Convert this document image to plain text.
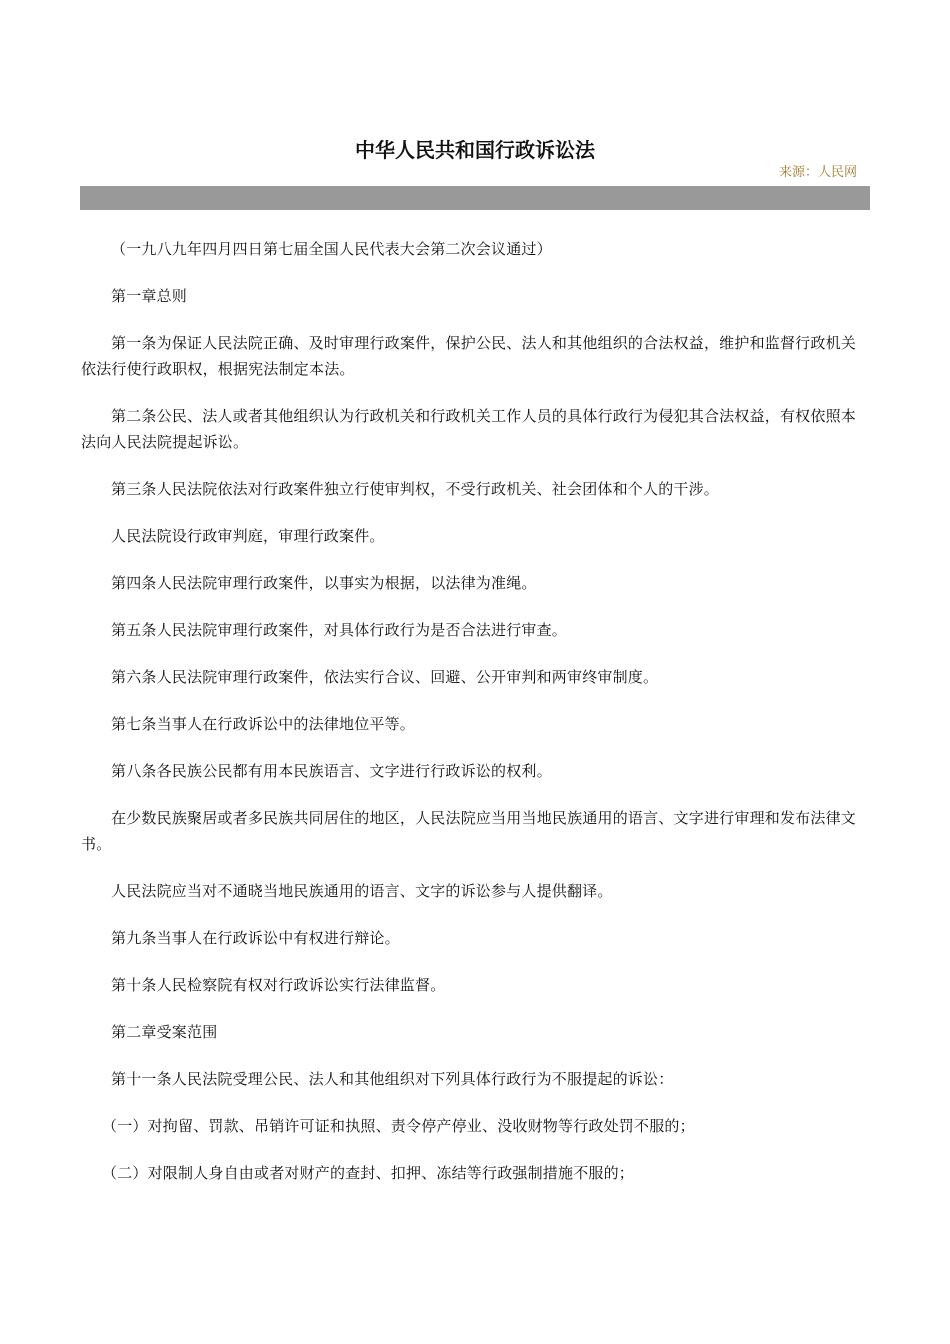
中华人民共和国行政诉讼法
来源：人民网

（一九八九年四月四日第七届全国人民代表大会第二次会议通过）

第一章总则

第一条为保证人民法院正确、及时审理行政案件，保护公民、法人和其他组织的合法权益，维护和监督行政机关依法行使行政职权，根据宪法制定本法。

第二条公民、法人或者其他组织认为行政机关和行政机关工作人员的具体行政行为侵犯其合法权益，有权依照本法向人民法院提起诉讼。

第三条人民法院依法对行政案件独立行使审判权，不受行政机关、社会团体和个人的干涉。

人民法院设行政审判庭，审理行政案件。

第四条人民法院审理行政案件，以事实为根据，以法律为准绳。

第五条人民法院审理行政案件，对具体行政行为是否合法进行审查。

第六条人民法院审理行政案件，依法实行合议、回避、公开审判和两审终审制度。

第七条当事人在行政诉讼中的法律地位平等。

第八条各民族公民都有用本民族语言、文字进行行政诉讼的权利。

在少数民族聚居或者多民族共同居住的地区，人民法院应当用当地民族通用的语言、文字进行审理和发布法律文书。

人民法院应当对不通晓当地民族通用的语言、文字的诉讼参与人提供翻译。

第九条当事人在行政诉讼中有权进行辩论。

第十条人民检察院有权对行政诉讼实行法律监督。

第二章受案范围

第十一条人民法院受理公民、法人和其他组织对下列具体行政行为不服提起的诉讼：

（一）对拘留、罚款、吊销许可证和执照、责令停产停业、没收财物等行政处罚不服的；

（二）对限制人身自由或者对财产的查封、扣押、冻结等行政强制措施不服的；
